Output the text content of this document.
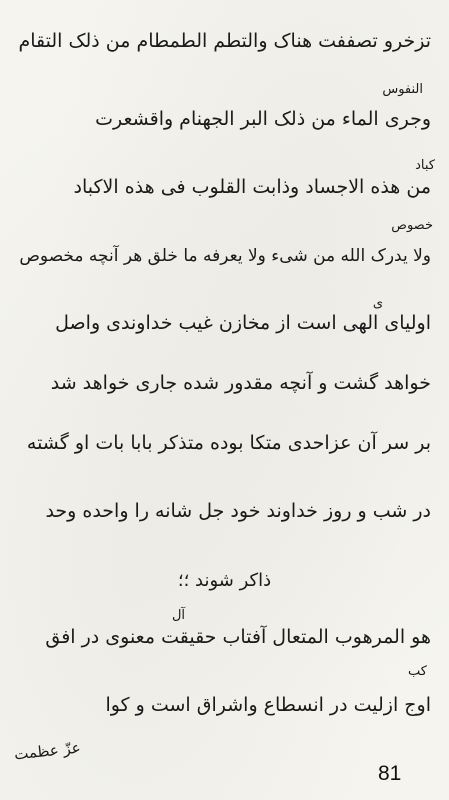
تزخرو تصففت هناک والتطم الطمطام من ذلک التقام
النفوس
وجری الماء من ذلک البر الجهنام واقشعرت
کباد
من هذه الاجساد وذابت القلوب فی هذه الاکباد
خصوص
ولا یدرک الله من شیء ولا یعرفه ما خلق هر آنچه مخصوص
ی
اولیای الهی است از مخازن غیب خداوندی واصل
خواهد گشت و آنچه مقدور شده جاری خواهد شد
بر سر آن عزاحدی متکا بوده متذکر بابا بات او گشته
در شب و روز خداوند خود جل شانه را واحده وحد
ذاکر شوند ؛؛
آل
هو المرهوب المتعال آفتاب حقیقت معنوی در افق
کب
اوج ازلیت در انسطاع واشراق است و کوا
عزّ عظمت
81
